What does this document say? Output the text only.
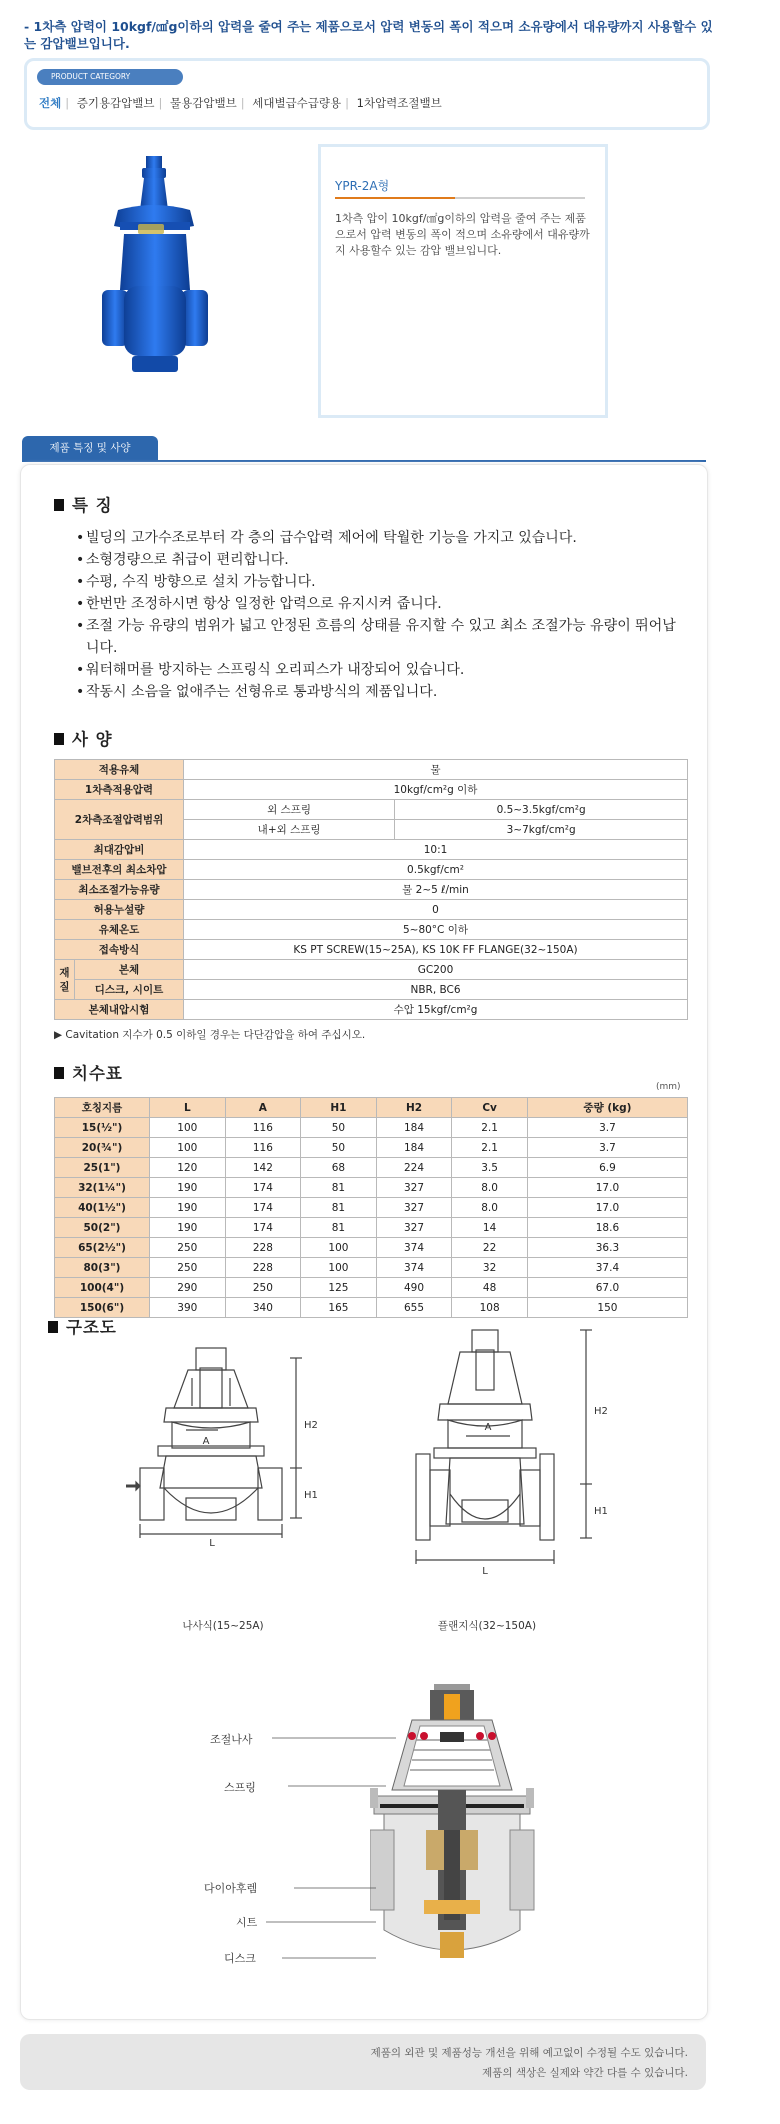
- 1차측 압력이 10kgf/㎠g이하의 압력을 줄여 주는 제품으로서 압력 변동의 폭이 적으며 소유량에서 대유량까지 사용할수 있는 감압밸브입니다.
PRODUCT CATEGORY
전체 | 증기용감압밸브 | 물용감압밸브 | 세대별급수급량용 | 1차압력조절밸브
YPR-2A형
1차측 압이 10kgf/㎠g이하의 압력을 줄여 주는 제품으로서 압력 변동의 폭이 적으며 소유량에서 대유량까지 사용할수 있는 감압 밸브입니다.
제품 특징 및 사양
특 징
• 빌딩의 고가수조로부터 각 층의 급수압력 제어에 탁월한 기능을 가지고 있습니다.
• 소형경량으로 취급이 편리합니다.
• 수평, 수직 방향으로 설치 가능합니다.
• 한번만 조정하시면 항상 일정한 압력으로 유지시켜 줍니다.
• 조절 가능 유량의 범위가 넓고 안정된 흐름의 상태를 유지할 수 있고 최소 조절가능 유량이 뛰어납니다.
• 워터해머를 방지하는 스프링식 오리피스가 내장되어 있습니다.
• 작동시 소음을 없애주는 선형유로 통과방식의 제품입니다.
사 양
적용유체		물	
1차측적용압력		10kgf/cm²g 이하	
2차측조절압력범위		외 스프링	0.5~3.5kgf/cm²g
		내+외 스프링	3~7kgf/cm²g
최대감압비		10:1	
밸브전후의 최소차압		0.5kgf/cm²	
최소조절가능유량		물 2~5 ℓ/min	
허용누설량		0	
유체온도		5~80°C 이하	
접속방식		KS PT SCREW(15~25A), KS 10K FF FLANGE(32~150A)	
재질	본체	GC200	
	디스크, 시이트	NBR, BC6	
본체내압시험		수압 15kgf/cm²g	
▶ Cavitation 지수가 0.5 이하일 경우는 다단감압을 하여 주십시오.
치수표
(mm)
호칭지름	L	A	H1	H2	Cv	중량 (kg)
15(½")	100	116	50	184	2.1	3.7
20(¾")	100	116	50	184	2.1	3.7
25(1")	120	142	68	224	3.5	6.9
32(1¼")	190	174	81	327	8.0	17.0
40(1½")	190	174	81	327	8.0	17.0
50(2")	190	174	81	327	14	18.6
65(2½")	250	228	100	374	22	36.3
80(3")	250	228	100	374	32	37.4
100(4")	290	250	125	490	48	67.0
150(6")	390	340	165	655	108	150
구조도
A
L
H2
H1
나사식(15~25A)
A
L
H2
H1
플랜지식(32~150A)
조절나사
스프링
다이아후렘
시트
디스크
제품의 외관 및 제품성능 개선을 위해 예고없이 수정될 수도 있습니다.
제품의 색상은 실제와 약간 다를 수 있습니다.
